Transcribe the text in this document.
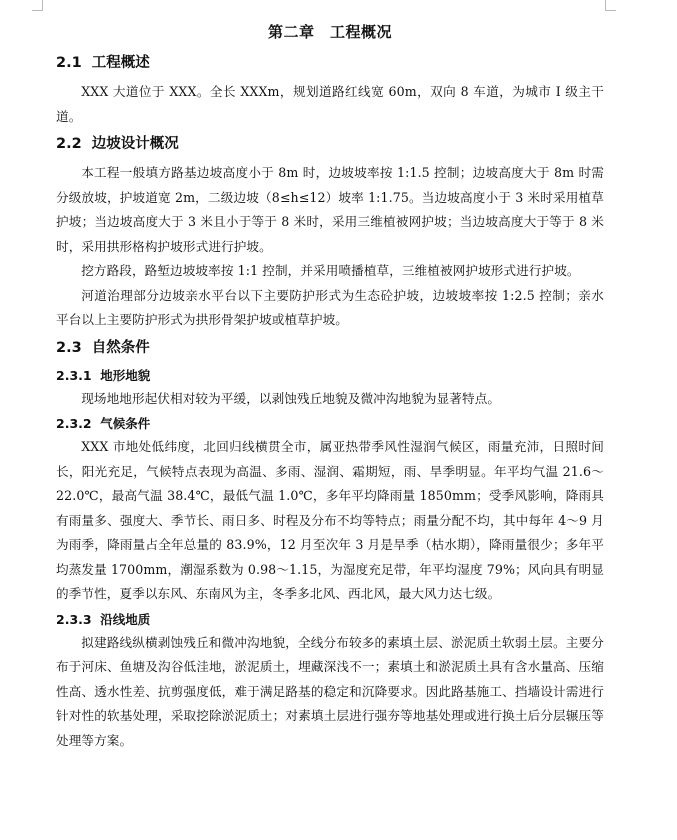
第二章　工程概况
2.1  工程概述

XXX 大道位于 XXX。全长 XXXm，规划道路红线宽 60m，双向 8 车道，为城市 I 级主干道。

2.2  边坡设计概况

本工程一般填方路基边坡高度小于 8m 时，边坡坡率按 1:1.5 控制；边坡高度大于 8m 时需分级放坡，护坡道宽 2m，二级边坡（8≤h≤12）坡率 1:1.75。当边坡高度小于 3 米时采用植草护坡；当边坡高度大于 3 米且小于等于 8 米时，采用三维植被网护坡；当边坡高度大于等于 8 米时，采用拱形格构护坡形式进行护坡。

挖方路段，路堑边坡坡率按 1:1 控制，并采用喷播植草，三维植被网护坡形式进行护坡。

河道治理部分边坡亲水平台以下主要防护形式为生态砼护坡，边坡坡率按 1:2.5 控制；亲水平台以上主要防护形式为拱形骨架护坡或植草护坡。

2.3  自然条件
2.3.1  地形地貌

现场地地形起伏相对较为平缓，以剥蚀残丘地貌及微冲沟地貌为显著特点。

2.3.2  气候条件

XXX 市地处低纬度，北回归线横贯全市，属亚热带季风性湿润气候区，雨量充沛，日照时间长，阳光充足，气候特点表现为高温、多雨、湿润、霜期短，雨、旱季明显。年平均气温 21.6～22.0℃，最高气温 38.4℃，最低气温 1.0℃，多年平均降雨量 1850mm；受季风影响，降雨具有雨量多、强度大、季节长、雨日多、时程及分布不均等特点；雨量分配不均，其中每年 4～9 月为雨季，降雨量占全年总量的 83.9%，12 月至次年 3 月是旱季（枯水期），降雨量很少；多年平均蒸发量 1700mm，潮湿系数为 0.98～1.15，为湿度充足带，年平均湿度 79%；风向具有明显的季节性，夏季以东风、东南风为主，冬季多北风、西北风，最大风力达七级。

2.3.3  沿线地质

拟建路线纵横剥蚀残丘和微冲沟地貌，全线分布较多的素填土层、淤泥质土软弱土层。主要分布于河床、鱼塘及沟谷低洼地，淤泥质土，埋藏深浅不一；素填土和淤泥质土具有含水量高、压缩性高、透水性差、抗剪强度低，难于满足路基的稳定和沉降要求。因此路基施工、挡墙设计需进行针对性的软基处理，采取挖除淤泥质土；对素填土层进行强夯等地基处理或进行换土后分层辗压等处理等方案。
